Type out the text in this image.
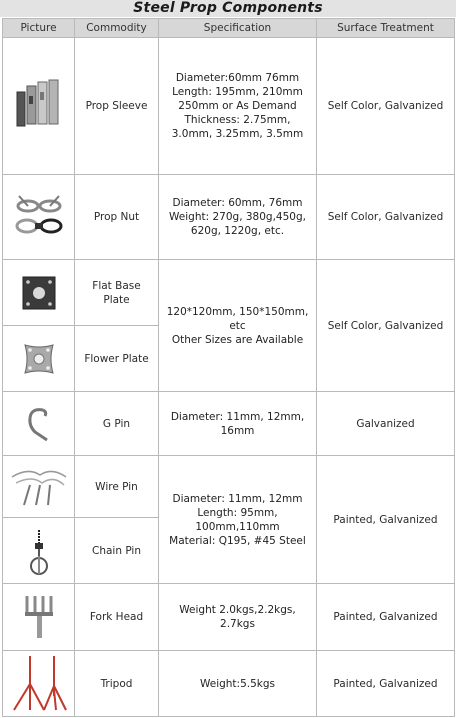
Steel Prop Components
Picture	Commodity	Specification	Surface Treatment

	Prop Sleeve	Diameter:60mm 76mm
Length: 195mm, 210mm
250mm or As Demand
Thickness: 2.75mm,
3.0mm, 3.25mm, 3.5mm	Self Color, Galvanized

	Prop Nut	Diameter: 60mm, 76mm
Weight: 270g, 380g,450g,
620g, 1220g, etc.	Self Color, Galvanized

	Flat Base Plate	120*120mm, 150*150mm,
etc
Other Sizes are Available	Self Color, Galvanized

	Flower Plate		

	G Pin	Diameter: 11mm, 12mm,
16mm	Galvanized

	Wire Pin	Diameter: 11mm, 12mm
Length: 95mm,
100mm,110mm
Material: Q195, #45 Steel	Painted, Galvanized

	Chain Pin		

	Fork Head	Weight 2.0kgs,2.2kgs,
2.7kgs	Painted, Galvanized

	Tripod	Weight:5.5kgs	Painted, Galvanized
